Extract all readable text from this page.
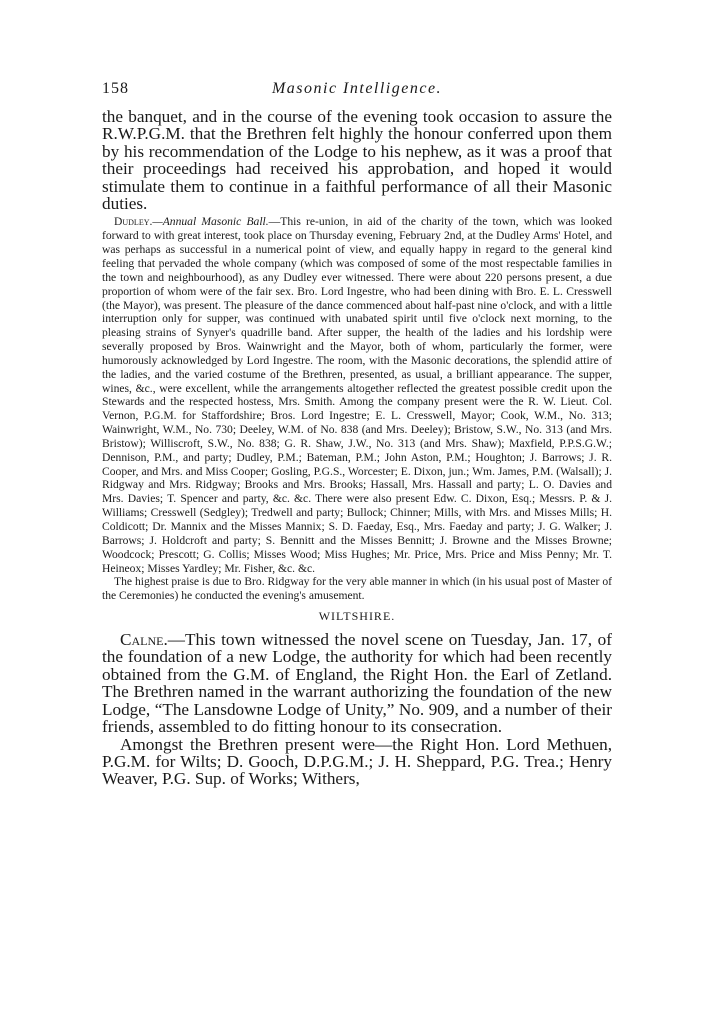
158	Masonic Intelligence.

the banquet, and in the course of the evening took occasion to assure the R.W.P.G.M. that the Brethren felt highly the honour conferred upon them by his recommendation of the Lodge to his nephew, as it was a proof that their proceedings had received his approbation, and hoped it would stimulate them to continue in a faithful performance of all their Masonic duties.

Dudley.—Annual Masonic Ball.—This re-union, in aid of the charity of the town, which was looked forward to with great interest, took place on Thursday evening, February 2nd, at the Dudley Arms' Hotel, and was perhaps as successful in a numerical point of view, and equally happy in regard to the general kind feeling that pervaded the whole company (which was composed of some of the most respectable families in the town and neighbourhood), as any Dudley ever witnessed. There were about 220 persons present, a due proportion of whom were of the fair sex. Bro. Lord Ingestre, who had been dining with Bro. E. L. Cresswell (the Mayor), was present. The pleasure of the dance commenced about half-past nine o'clock, and with a little interruption only for supper, was continued with unabated spirit until five o'clock next morning, to the pleasing strains of Synyer's quadrille band. After supper, the health of the ladies and his lordship were severally proposed by Bros. Wainwright and the Mayor, both of whom, particularly the former, were humorously acknowledged by Lord Ingestre. The room, with the Masonic decorations, the splendid attire of the ladies, and the varied costume of the Brethren, presented, as usual, a brilliant appearance. The supper, wines, &c., were excellent, while the arrangements altogether reflected the greatest possible credit upon the Stewards and the respected hostess, Mrs. Smith. Among the company present were the R. W. Lieut. Col. Vernon, P.G.M. for Staffordshire; Bros. Lord Ingestre; E. L. Cresswell, Mayor; Cook, W.M., No. 313; Wainwright, W.M., No. 730; Deeley, W.M. of No. 838 (and Mrs. Deeley); Bristow, S.W., No. 313 (and Mrs. Bristow); Williscroft, S.W., No. 838; G. R. Shaw, J.W., No. 313 (and Mrs. Shaw); Maxfield, P.P.S.G.W.; Dennison, P.M., and party; Dudley, P.M.; Bateman, P.M.; John Aston, P.M.; Houghton; J. Barrows; J. R. Cooper, and Mrs. and Miss Cooper; Gosling, P.G.S., Worcester; E. Dixon, jun.; Wm. James, P.M. (Walsall); J. Ridgway and Mrs. Ridgway; Brooks and Mrs. Brooks; Hassall, Mrs. Hassall and party; L. O. Davies and Mrs. Davies; T. Spencer and party, &c. &c. There were also present Edw. C. Dixon, Esq.; Messrs. P. & J. Williams; Cresswell (Sedgley); Tredwell and party; Bullock; Chinner; Mills, with Mrs. and Misses Mills; H. Coldicott; Dr. Mannix and the Misses Mannix; S. D. Faeday, Esq., Mrs. Faeday and party; J. G. Walker; J. Barrows; J. Holdcroft and party; S. Bennitt and the Misses Bennitt; J. Browne and the Misses Browne; Woodcock; Prescott; G. Collis; Misses Wood; Miss Hughes; Mr. Price, Mrs. Price and Miss Penny; Mr. T. Heineox; Misses Yardley; Mr. Fisher, &c. &c.

The highest praise is due to Bro. Ridgway for the very able manner in which (in his usual post of Master of the Ceremonies) he conducted the evening's amusement.

WILTSHIRE.

Calne.—This town witnessed the novel scene on Tuesday, Jan. 17, of the foundation of a new Lodge, the authority for which had been recently obtained from the G.M. of England, the Right Hon. the Earl of Zetland. The Brethren named in the warrant authorizing the foundation of the new Lodge, “The Lansdowne Lodge of Unity,” No. 909, and a number of their friends, assembled to do fitting honour to its consecration.

Amongst the Brethren present were—the Right Hon. Lord Methuen, P.G.M. for Wilts; D. Gooch, D.P.G.M.; J. H. Sheppard, P.G. Trea.; Henry Weaver, P.G. Sup. of Works; Withers,
